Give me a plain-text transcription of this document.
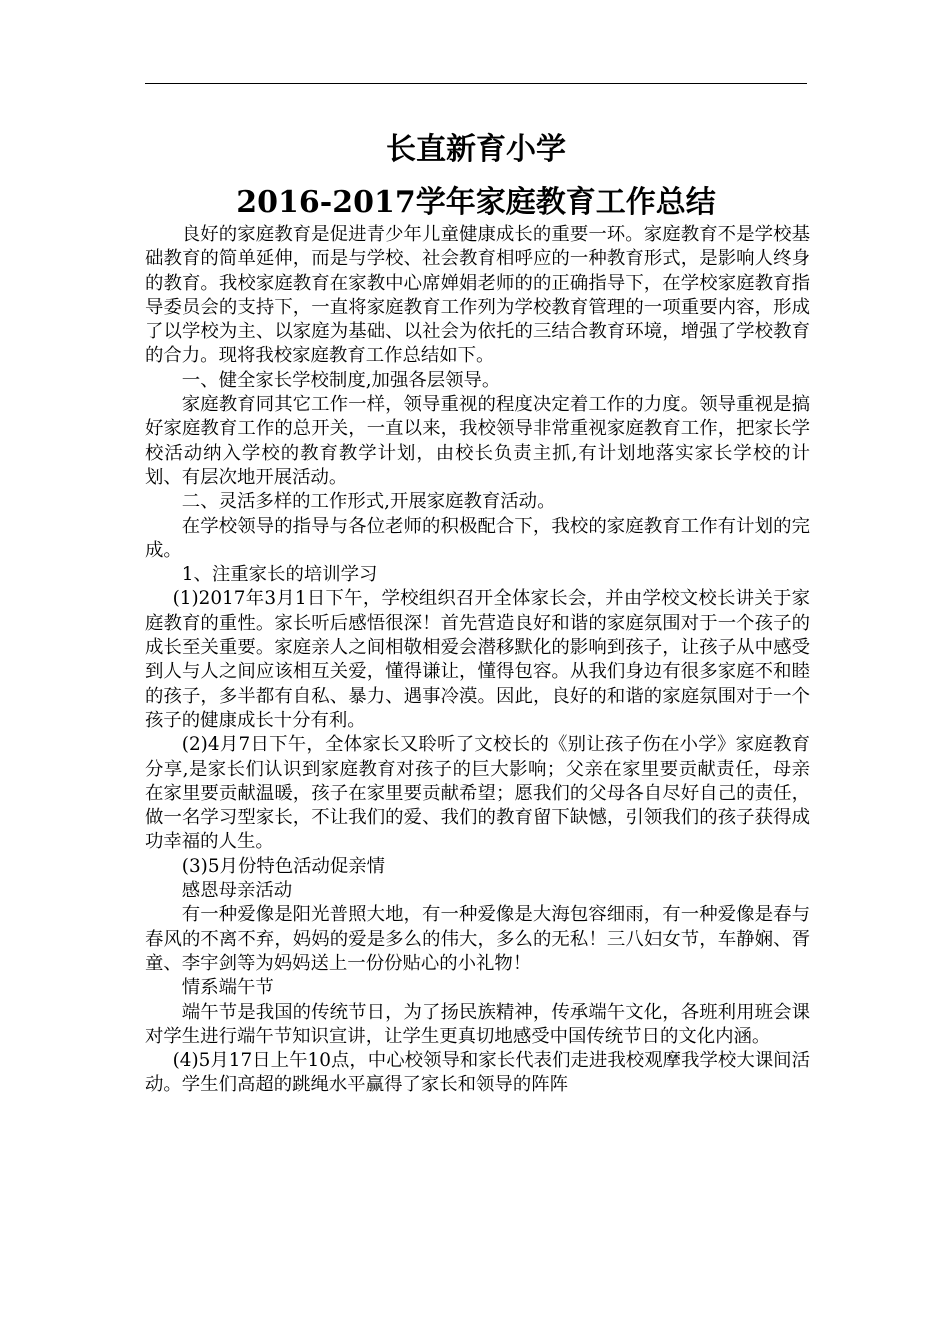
长直新育小学
2016-2017学年家庭教育工作总结

良好的家庭教育是促进青少年儿童健康成长的重要一环。家庭教育不是学校基础教育的简单延伸，而是与学校、社会教育相呼应的一种教育形式，是影响人终身的教育。我校家庭教育在家教中心席婵娟老师的的正确指导下，在学校家庭教育指导委员会的支持下，一直将家庭教育工作列为学校教育管理的一项重要内容，形成了以学校为主、以家庭为基础、以社会为依托的三结合教育环境，增强了学校教育的合力。现将我校家庭教育工作总结如下。

一、健全家长学校制度,加强各层领导。

家庭教育同其它工作一样，领导重视的程度决定着工作的力度。领导重视是搞好家庭教育工作的总开关，一直以来，我校领导非常重视家庭教育工作，把家长学校活动纳入学校的教育教学计划，由校长负责主抓,有计划地落实家长学校的计划、有层次地开展活动。

二、灵活多样的工作形式,开展家庭教育活动。

在学校领导的指导与各位老师的积极配合下，我校的家庭教育工作有计划的完成。

1、注重家长的培训学习

(1)2017年3月1日下午，学校组织召开全体家长会，并由学校文校长讲关于家庭教育的重性。家长听后感悟很深！首先营造良好和谐的家庭氛围对于一个孩子的成长至关重要。家庭亲人之间相敬相爱会潜移默化的影响到孩子，让孩子从中感受到人与人之间应该相互关爱，懂得谦让，懂得包容。从我们身边有很多家庭不和睦的孩子，多半都有自私、暴力、遇事冷漠。因此，良好的和谐的家庭氛围对于一个孩子的健康成长十分有利。

(2)4月7日下午，全体家长又聆听了文校长的《别让孩子伤在小学》家庭教育分享,是家长们认识到家庭教育对孩子的巨大影响；父亲在家里要贡献责任，母亲在家里要贡献温暖，孩子在家里要贡献希望；愿我们的父母各自尽好自己的责任，做一名学习型家长，不让我们的爱、我们的教育留下缺憾，引领我们的孩子获得成功幸福的人生。

(3)5月份特色活动促亲情

感恩母亲活动

有一种爱像是阳光普照大地，有一种爱像是大海包容细雨，有一种爱像是春与春风的不离不弃，妈妈的爱是多么的伟大，多么的无私！三八妇女节，车静娴、胥童、李宇剑等为妈妈送上一份份贴心的小礼物！

情系端午节

端午节是我国的传统节日，为了扬民族精神，传承端午文化，各班利用班会课对学生进行端午节知识宣讲，让学生更真切地感受中国传统节日的文化内涵。

(4)5月17日上午10点，中心校领导和家长代表们走进我校观摩我学校大课间活动。学生们高超的跳绳水平赢得了家长和领导的阵阵
